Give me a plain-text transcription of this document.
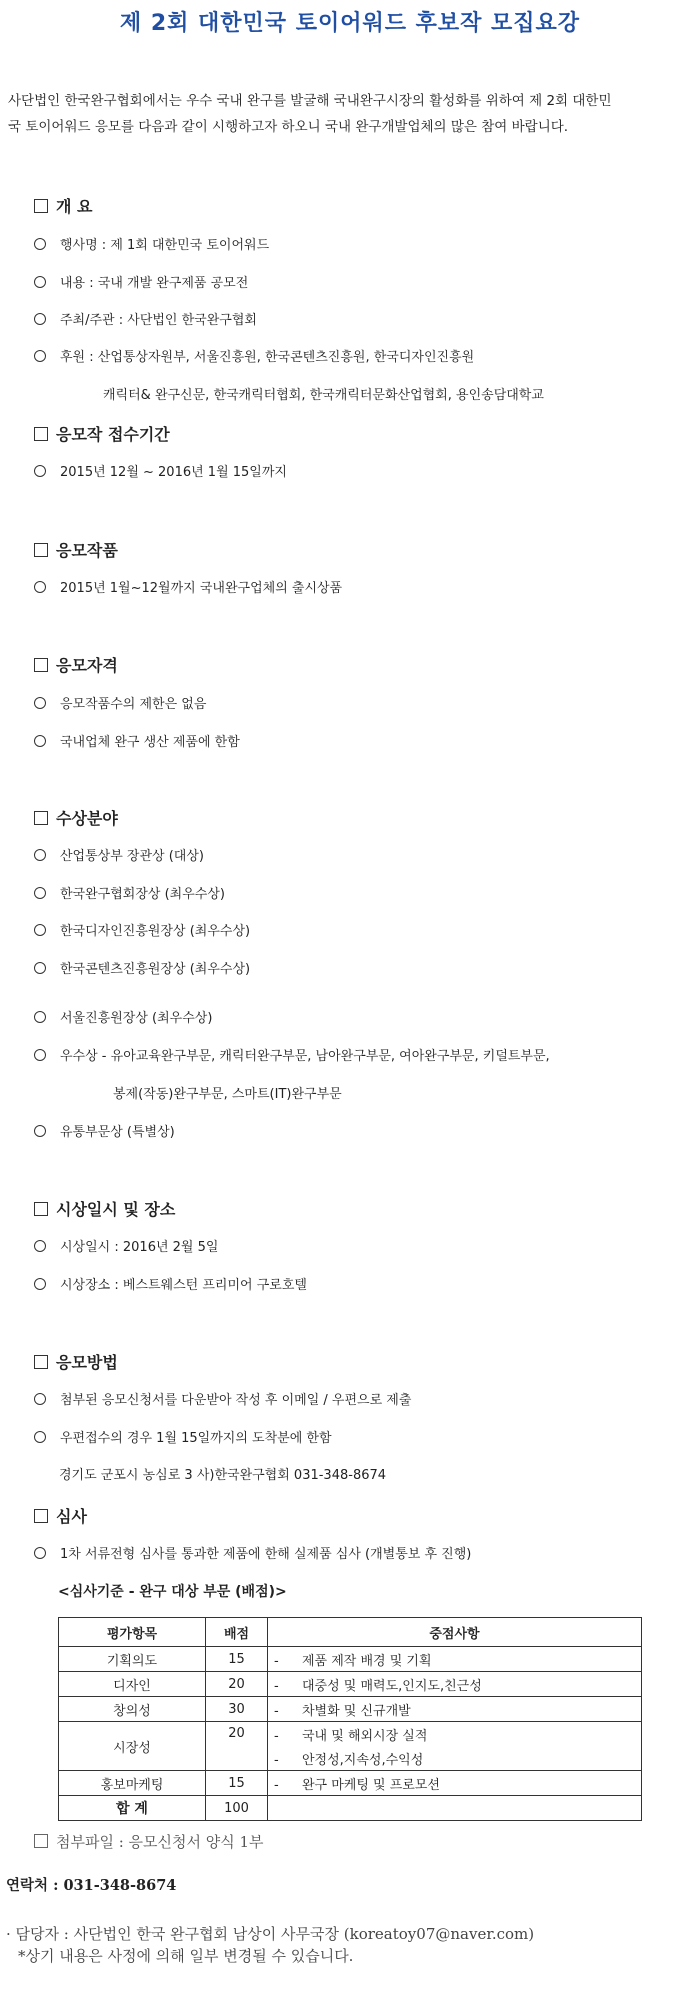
제 2회 대한민국 토이어워드 후보작 모집요강
사단법인 한국완구협회에서는 우수 국내 완구를 발굴해 국내완구시장의 활성화를 위하여 제 2회 대한민
국 토이어워드 응모를 다음과 같이 시행하고자 하오니 국내 완구개발업체의 많은 참여 바랍니다.
개 요
행사명 : 제 1회 대한민국 토이어워드
내용 : 국내 개발 완구제품 공모전
주최/주관 : 사단법인 한국완구협회
후원 : 산업통상자원부, 서울진흥원, 한국콘텐츠진흥원, 한국디자인진흥원
캐릭터& 완구신문, 한국캐릭터협회, 한국캐릭터문화산업협회, 용인송담대학교
응모작 접수기간
2015년 12월 ~ 2016년 1월 15일까지
응모작품
2015년 1월~12월까지 국내완구업체의 출시상품
응모자격
응모작품수의 제한은 없음
국내업체 완구 생산 제품에 한함
수상분야
산업통상부 장관상 (대상)
한국완구협회장상 (최우수상)
한국디자인진흥원장상 (최우수상)
한국콘텐츠진흥원장상 (최우수상)
서울진흥원장상 (최우수상)
우수상 - 유아교육완구부문, 캐릭터완구부문, 남아완구부문, 여아완구부문, 키덜트부문,
봉제(작동)완구부문, 스마트(IT)완구부문
유통부문상 (특별상)
시상일시 및 장소
시상일시 : 2016년 2월 5일
시상장소 : 베스트웨스턴 프리미어 구로호텔
응모방법
첨부된 응모신청서를 다운받아 작성 후 이메일 / 우편으로 제출
우편접수의 경우 1월 15일까지의 도착분에 한함
경기도 군포시 농심로 3 사)한국완구협회 031-348-8674
심사
1차 서류전형 심사를 통과한 제품에 한해 실제품 심사 (개별통보 후 진행)
<심사기준 - 완구 대상 부문 (배점)>
평가항목	배점	중점사항
기획의도	15	- 제품 제작 배경 및 기획
디자인	20	- 대중성 및 매력도,인지도,친근성
창의성	30	- 차별화 및 신규개발
시장성	20	- 국내 및 해외시장 실적
		- 안정성,지속성,수익성
홍보마케팅	15	- 완구 마케팅 및 프로모션
합 계	100	
첨부파일 : 응모신청서 양식 1부
연락처 : 031-348-8674
· 담당자 : 사단법인 한국 완구협회 남상이 사무국장 (koreatoy07@naver.com)
*상기 내용은 사정에 의해 일부 변경될 수 있습니다.
